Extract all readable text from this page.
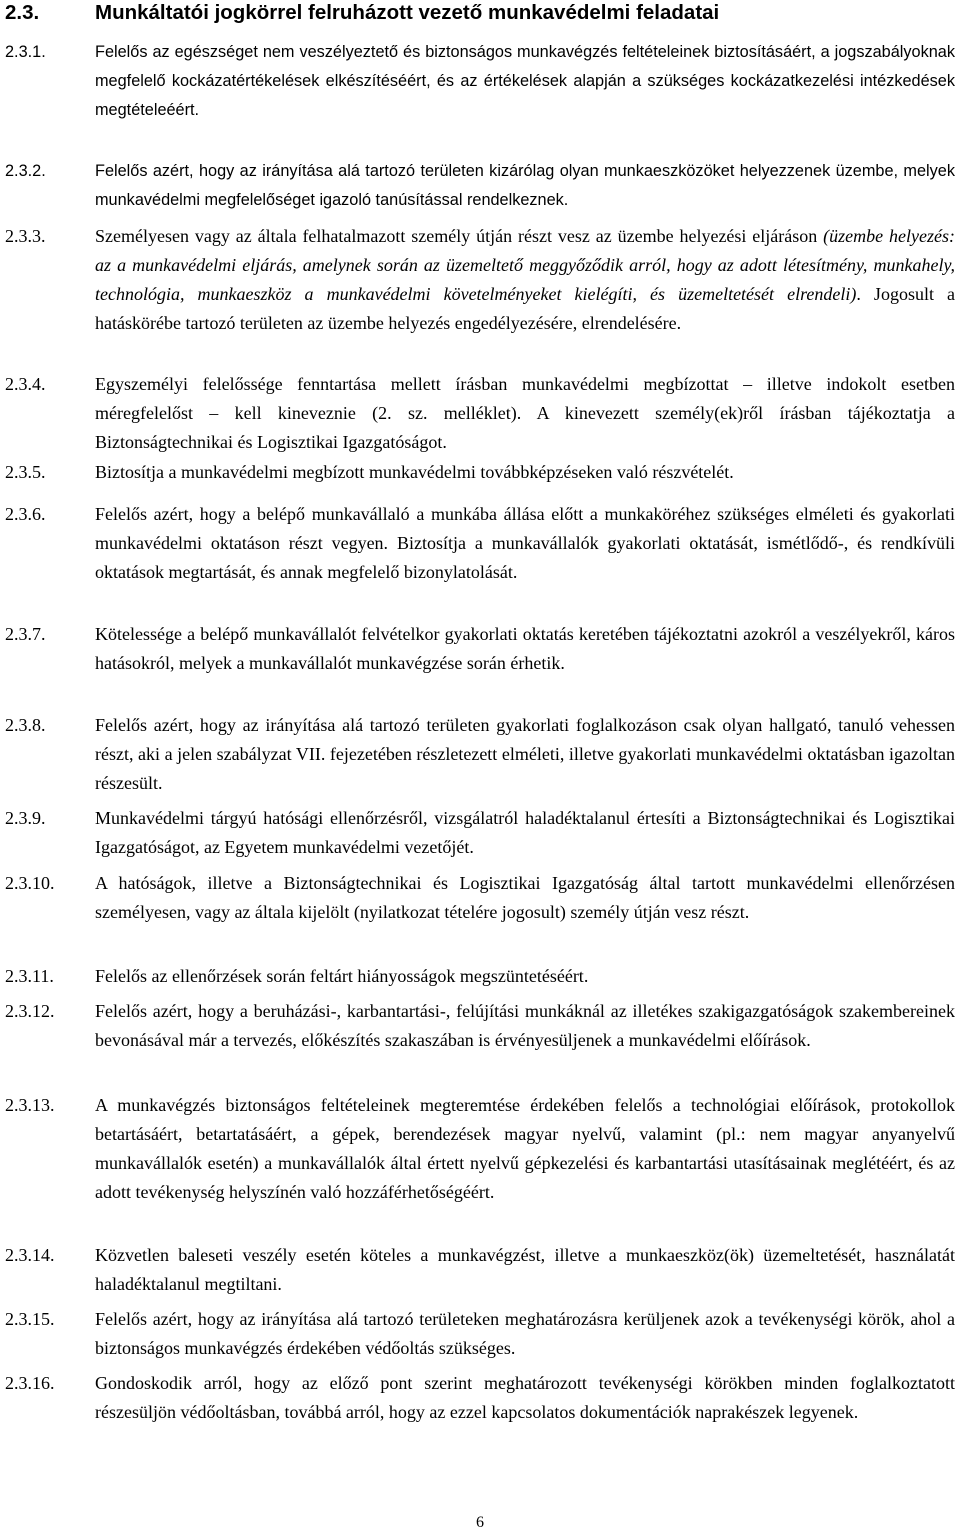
2.3.	Munkáltatói jogkörrel felruházott vezető munkavédelmi feladatai
2.3.1.	Felelős az egészséget nem veszélyeztető és biztonságos munkavégzés feltételeinek biztosításáért, a jogszabályoknak megfelelő kockázatértékelések elkészítéséért, és az értékelések alapján a szükséges kockázatkezelési intézkedések megtételeéért.
2.3.2.	Felelős azért, hogy az irányítása alá tartozó területen kizárólag olyan munkaeszközöket helyezzenek üzembe, melyek munkavédelmi megfelelőséget igazoló tanúsítással rendelkeznek.
2.3.3.	Személyesen vagy az általa felhatalmazott személy útján részt vesz az üzembe helyezési eljáráson (üzembe helyezés: az a munkavédelmi eljárás, amelynek során az üzemeltető meggyőződik arról, hogy az adott létesítmény, munkahely, technológia, munkaeszköz a munkavédelmi követelményeket kielégíti, és üzemeltetését elrendeli). Jogosult a hatáskörébe tartozó területen az üzembe helyezés engedélyezésére, elrendelésére.
2.3.4.	Egyszemélyi felelőssége fenntartása mellett írásban munkavédelmi megbízottat – illetve indokolt esetben méregfelelőst – kell kineveznie (2. sz. melléklet). A kinevezett személy(ek)ről írásban tájékoztatja a Biztonságtechnikai és Logisztikai Igazgatóságot.
2.3.5.	Biztosítja a munkavédelmi megbízott munkavédelmi továbbképzéseken való részvételét.
2.3.6.	Felelős azért, hogy a belépő munkavállaló a munkába állása előtt a munkaköréhez szükséges elméleti és gyakorlati munkavédelmi oktatáson részt vegyen. Biztosítja a munkavállalók gyakorlati oktatását, ismétlődő-, és rendkívüli oktatások megtartását, és annak megfelelő bizonylatolását.
2.3.7.	Kötelessége a belépő munkavállalót felvételkor gyakorlati oktatás keretében tájékoztatni azokról a veszélyekről, káros hatásokról, melyek a munkavállalót munkavégzése során érhetik.
2.3.8.	Felelős azért, hogy az irányítása alá tartozó területen gyakorlati foglalkozáson csak olyan hallgató, tanuló vehessen részt, aki a jelen szabályzat VII. fejezetében részletezett elméleti, illetve gyakorlati munkavédelmi oktatásban igazoltan részesült.
2.3.9.	Munkavédelmi tárgyú hatósági ellenőrzésről, vizsgálatról haladéktalanul értesíti a Biztonságtechnikai és Logisztikai Igazgatóságot, az Egyetem munkavédelmi vezetőjét.
2.3.10. A hatóságok, illetve a Biztonságtechnikai és Logisztikai Igazgatóság által tartott munkavédelmi ellenőrzésen személyesen, vagy az általa kijelölt (nyilatkozat tételére jogosult) személy útján vesz részt.
2.3.11. Felelős az ellenőrzések során feltárt hiányosságok megszüntetéséért.
2.3.12. Felelős azért, hogy a beruházási-, karbantartási-, felújítási munkáknál az illetékes szakigazgatóságok szakembereinek bevonásával már a tervezés, előkészítés szakaszában is érvényesüljenek a munkavédelmi előírások.
2.3.13. A munkavégzés biztonságos feltételeinek megteremtése érdekében felelős a technológiai előírások, protokollok betartásáért, betartatásáért, a gépek, berendezések magyar nyelvű, valamint (pl.: nem magyar anyanyelvű munkavállalók esetén) a munkavállalók által értett nyelvű gépkezelési és karbantartási utasításainak meglétéért, és az adott tevékenység helyszínén való hozzáférhetőségéért.
2.3.14. Közvetlen baleseti veszély esetén köteles a munkavégzést, illetve a munkaeszköz(ök) üzemeltetését, használatát haladéktalanul megtiltani.
2.3.15. Felelős azért, hogy az irányítása alá tartozó területeken meghatározásra kerüljenek azok a tevékenységi körök, ahol a biztonságos munkavégzés érdekében védőoltás szükséges.
2.3.16. Gondoskodik arról, hogy az előző pont szerint meghatározott tevékenységi körökben minden foglalkoztatott részesüljön védőoltásban, továbbá arról, hogy az ezzel kapcsolatos dokumentációk naprakészek legyenek.
6
